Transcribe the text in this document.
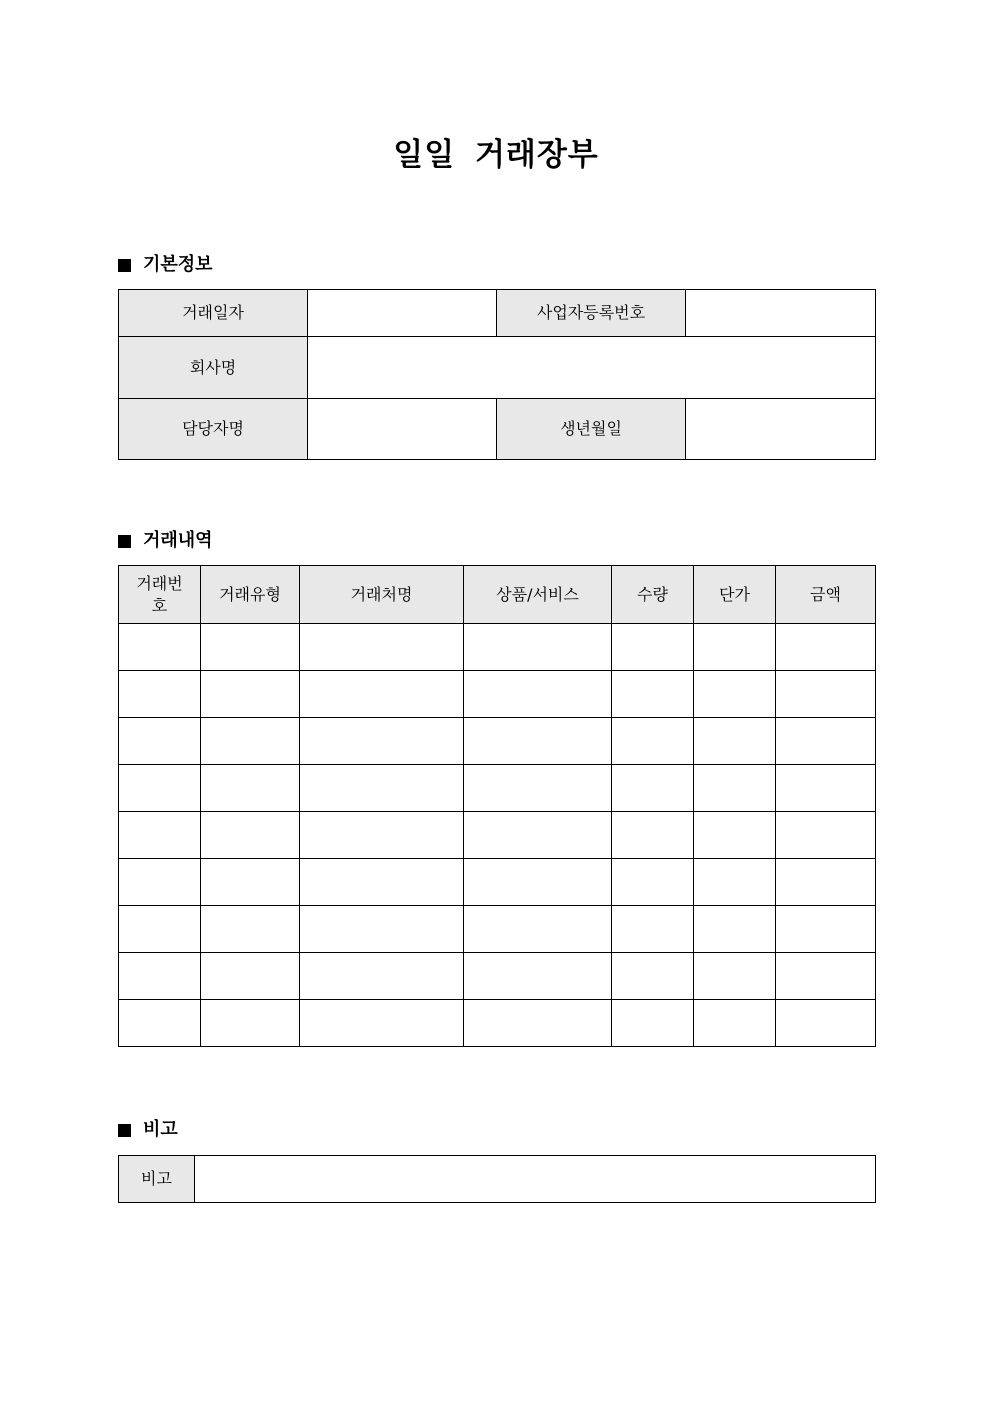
일일 거래장부
기본정보
거래일자		사업자등록번호	
회사명			
담당자명		생년월일	
거래내역
거래번호	거래유형	거래처명	상품/서비스	수량	단가	금액

비고
비고	
